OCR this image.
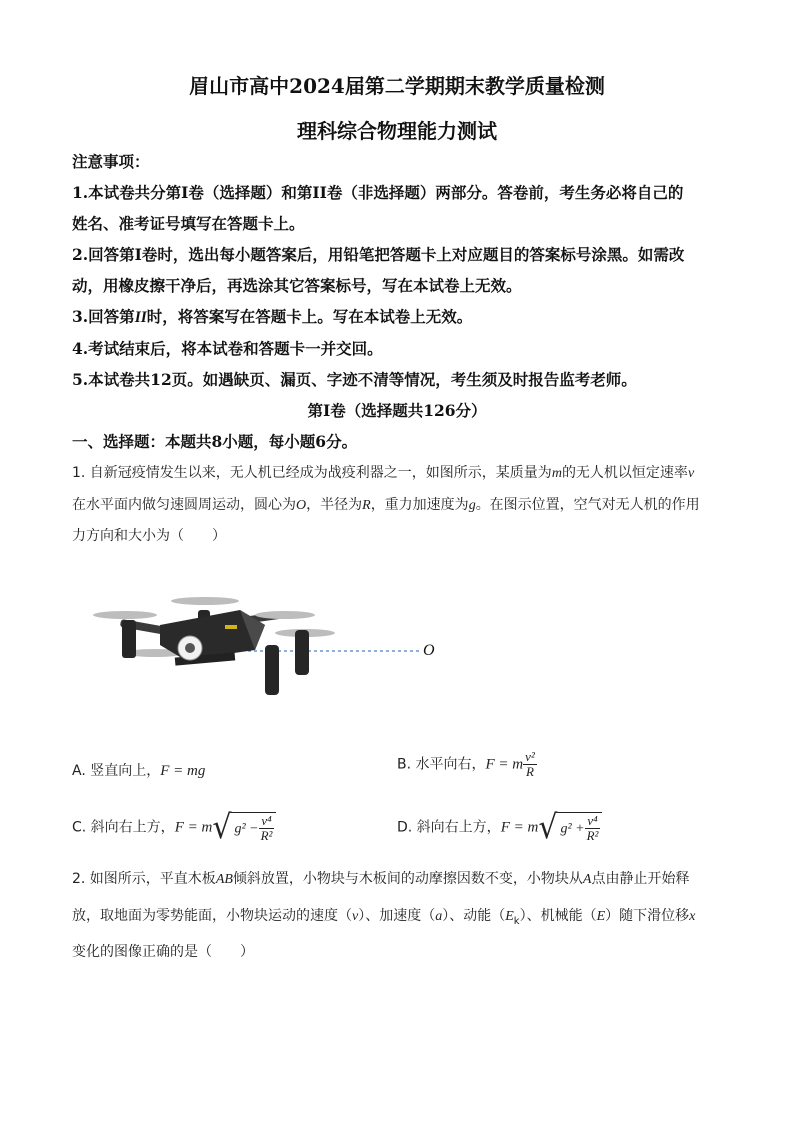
眉山市高中2024届第二学期期末教学质量检测
理科综合物理能力测试
注意事项：
1.本试卷共分第I卷（选择题）和第II卷（非选择题）两部分。答卷前，考生务必将自己的
姓名、准考证号填写在答题卡上。
2.回答第I卷时，选出每小题答案后，用铅笔把答题卡上对应题目的答案标号涂黑。如需改
动，用橡皮擦干净后，再选涂其它答案标号，写在本试卷上无效。
3.回答第II时，将答案写在答题卡上。写在本试卷上无效。
4.考试结束后，将本试卷和答题卡一并交回。
5.本试卷共12页。如遇缺页、漏页、字迹不清等情况，考生须及时报告监考老师。
第I卷（选择题共126分）
一、选择题：本题共8小题，每小题6分。
1. 自新冠疫情发生以来，无人机已经成为战疫利器之一，如图所示，某质量为m的无人机以恒定速率v
在水平面内做匀速圆周运动，圆心为O，半径为R，重力加速度为g。在图示位置，空气对无人机的作用
力方向和大小为（　　）
O
A. 竖直向上，F = mg	B. 水平向右，F = m $\frac{\text{v²}}{R}$
C. 斜向右上方，F = m√ $g^2 - \frac{\text{v⁴}}{\text{R²}}$	D. 斜向右上方，F = m√ $g^2 + \frac{\text{v⁴}}{\text{R²}}$
2. 如图所示，平直木板AB倾斜放置，小物块与木板间的动摩擦因数不变，小物块从A点由静止开始释
放，取地面为零势能面，小物块运动的速度（v）、加速度（a）、动能$(E_k)$、机械能（E）随下滑位移x
变化的图像正确的是（　　）
